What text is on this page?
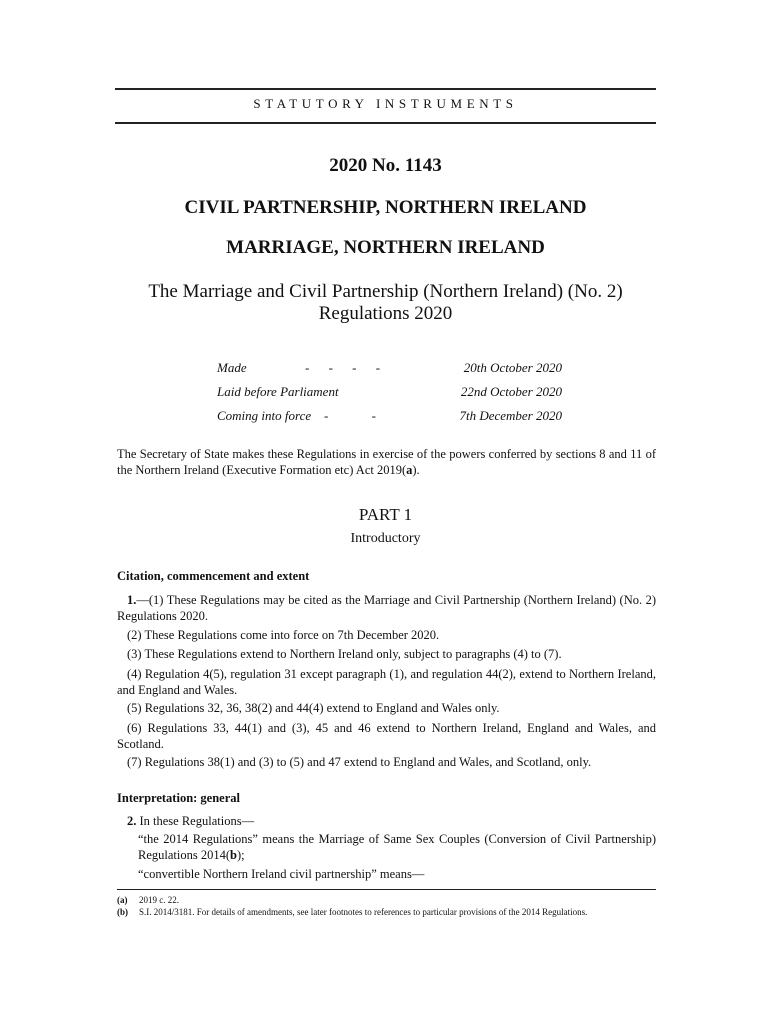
STATUTORY INSTRUMENTS
2020 No. 1143
CIVIL PARTNERSHIP, NORTHERN IRELAND
MARRIAGE, NORTHERN IRELAND
The Marriage and Civil Partnership (Northern Ireland) (No. 2)
Regulations 2020
Made	- - - -	20th October 2020
Laid before Parliament	22nd October 2020
Coming into force - -	7th December 2020
The Secretary of State makes these Regulations in exercise of the powers conferred by sections 8 and 11 of the Northern Ireland (Executive Formation etc) Act 2019(a).
PART 1
Introductory
Citation, commencement and extent
1.—(1) These Regulations may be cited as the Marriage and Civil Partnership (Northern Ireland) (No. 2) Regulations 2020.
(2) These Regulations come into force on 7th December 2020.
(3) These Regulations extend to Northern Ireland only, subject to paragraphs (4) to (7).
(4) Regulation 4(5), regulation 31 except paragraph (1), and regulation 44(2), extend to Northern Ireland, and England and Wales.
(5) Regulations 32, 36, 38(2) and 44(4) extend to England and Wales only.
(6) Regulations 33, 44(1) and (3), 45 and 46 extend to Northern Ireland, England and Wales, and Scotland.
(7) Regulations 38(1) and (3) to (5) and 47 extend to England and Wales, and Scotland, only.
Interpretation: general
2. In these Regulations—
“the 2014 Regulations” means the Marriage of Same Sex Couples (Conversion of Civil Partnership) Regulations 2014(b);
“convertible Northern Ireland civil partnership” means—
(a) 2019 c. 22.
(b) S.I. 2014/3181. For details of amendments, see later footnotes to references to particular provisions of the 2014 Regulations.
